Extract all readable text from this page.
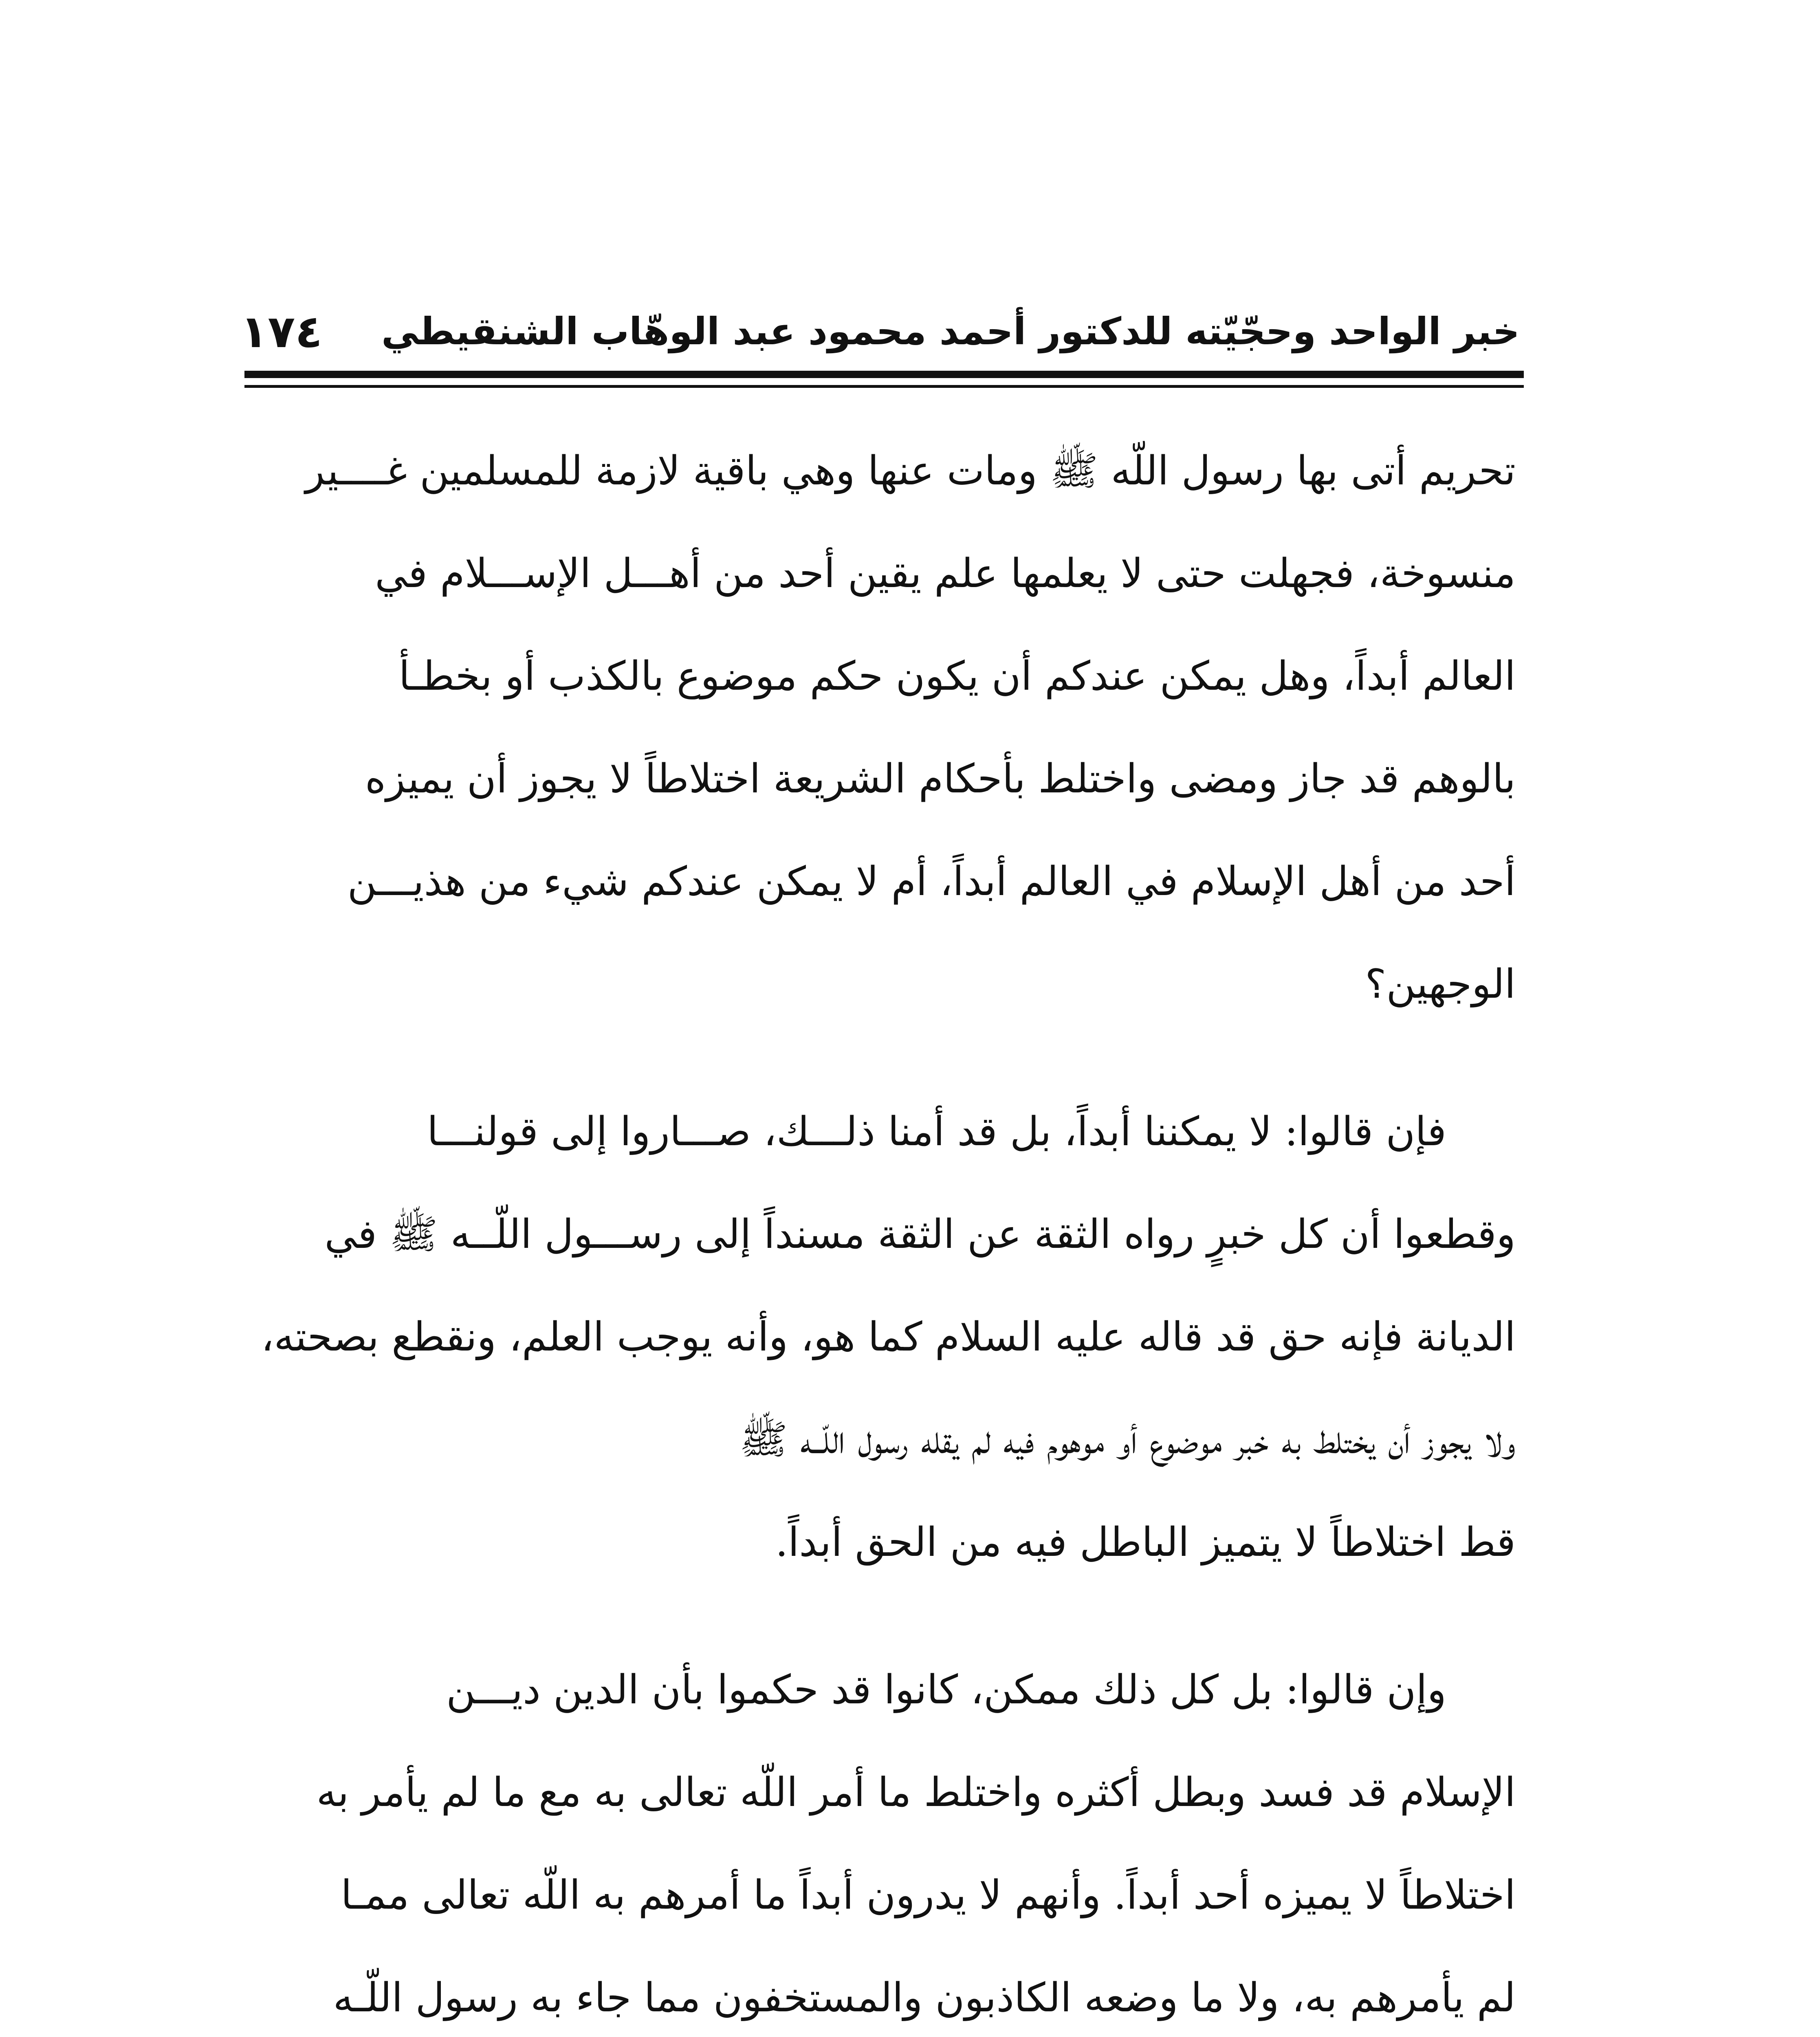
خبر الواحد وحجّيّته للدكتور أحمد محمود عبد الوهّاب الشنقيطي
١٧٤

تحريم أتى بها رسول اللّه ﷺ ومات عنها وهي باقية لازمة للمسلمين غــــير
منسوخة، فجهلت حتى لا يعلمها علم يقين أحد من أهـــل الإســـلام في
العالم أبداً، وهل يمكن عندكم أن يكون حكم موضوع بالكذب أو بخطـأ
بالوهم قد جاز ومضى واختلط بأحكام الشريعة اختلاطاً لا يجوز أن يميزه
أحد من أهل الإسلام في العالم أبداً، أم لا يمكن عندكم شيء من هذيـــن
الوجهين؟

فإن قالوا: لا يمكننا أبداً، بل قد أمنا ذلـــك، صـــاروا إلى قولنـــا

وقطعوا أن كل خبرٍ رواه الثقة عن الثقة مسنداً إلى رســـول اللّــه ﷺ في
الديانة فإنه حق قد قاله عليه السلام كما هو، وأنه يوجب العلم، ونقطع بصحته،
ولا يجوز أن يختلط به خبر موضوع أو موهوم فيه لم يقله رسول اللّــه ﷺ
قط اختلاطاً لا يتميز الباطل فيه من الحق أبداً.

وإن قالوا: بل كل ذلك ممكن، كانوا قد حكموا بأن الدين ديـــن

الإسلام قد فسد وبطل أكثره واختلط ما أمر اللّه تعالى به مع ما لم يأمر به
اختلاطاً لا يميزه أحد أبداً. وأنهم لا يدرون أبداً ما أمرهم به اللّه تعالى ممـا
لم يأمرهم به، ولا ما وضعه الكاذبون والمستخفون مما جاء به رسول اللّـه
